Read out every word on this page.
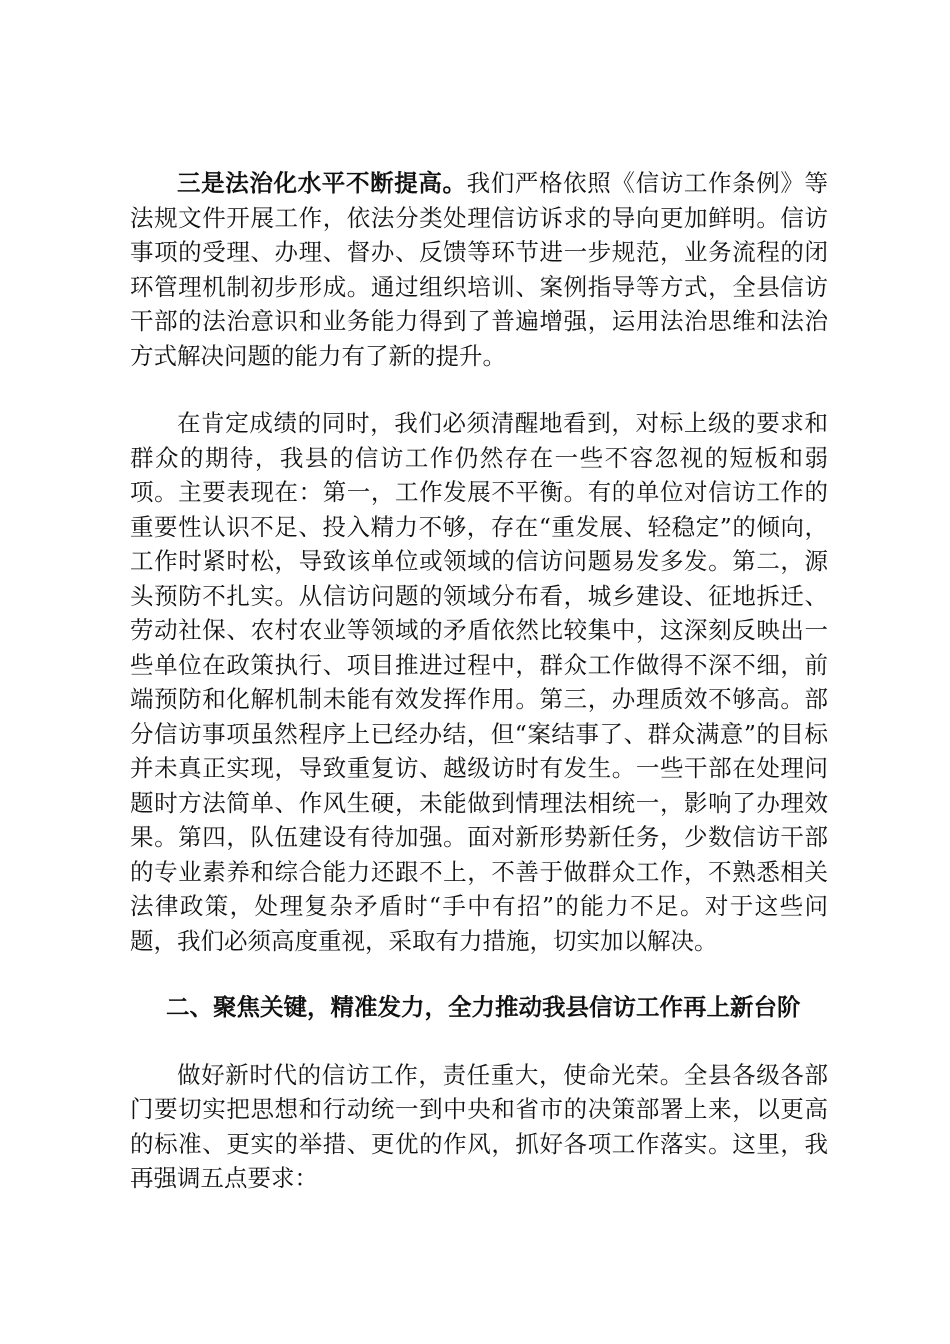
三是法治化水平不断提高。我们严格依照《信访工作条例》等法规文件开展工作，依法分类处理信访诉求的导向更加鲜明。信访事项的受理、办理、督办、反馈等环节进一步规范，业务流程的闭环管理机制初步形成。通过组织培训、案例指导等方式，全县信访干部的法治意识和业务能力得到了普遍增强，运用法治思维和法治方式解决问题的能力有了新的提升。

在肯定成绩的同时，我们必须清醒地看到，对标上级的要求和群众的期待，我县的信访工作仍然存在一些不容忽视的短板和弱项。主要表现在：第一，工作发展不平衡。有的单位对信访工作的重要性认识不足、投入精力不够，存在“重发展、轻稳定”的倾向，工作时紧时松，导致该单位或领域的信访问题易发多发。第二，源头预防不扎实。从信访问题的领域分布看，城乡建设、征地拆迁、劳动社保、农村农业等领域的矛盾依然比较集中，这深刻反映出一些单位在政策执行、项目推进过程中，群众工作做得不深不细，前端预防和化解机制未能有效发挥作用。第三，办理质效不够高。部分信访事项虽然程序上已经办结，但“案结事了、群众满意”的目标并未真正实现，导致重复访、越级访时有发生。一些干部在处理问题时方法简单、作风生硬，未能做到情理法相统一，影响了办理效果。第四，队伍建设有待加强。面对新形势新任务，少数信访干部的专业素养和综合能力还跟不上，不善于做群众工作，不熟悉相关法律政策，处理复杂矛盾时“手中有招”的能力不足。对于这些问题，我们必须高度重视，采取有力措施，切实加以解决。

二、聚焦关键，精准发力，全力推动我县信访工作再上新台阶

做好新时代的信访工作，责任重大，使命光荣。全县各级各部门要切实把思想和行动统一到中央和省市的决策部署上来，以更高的标准、更实的举措、更优的作风，抓好各项工作落实。这里，我再强调五点要求：
